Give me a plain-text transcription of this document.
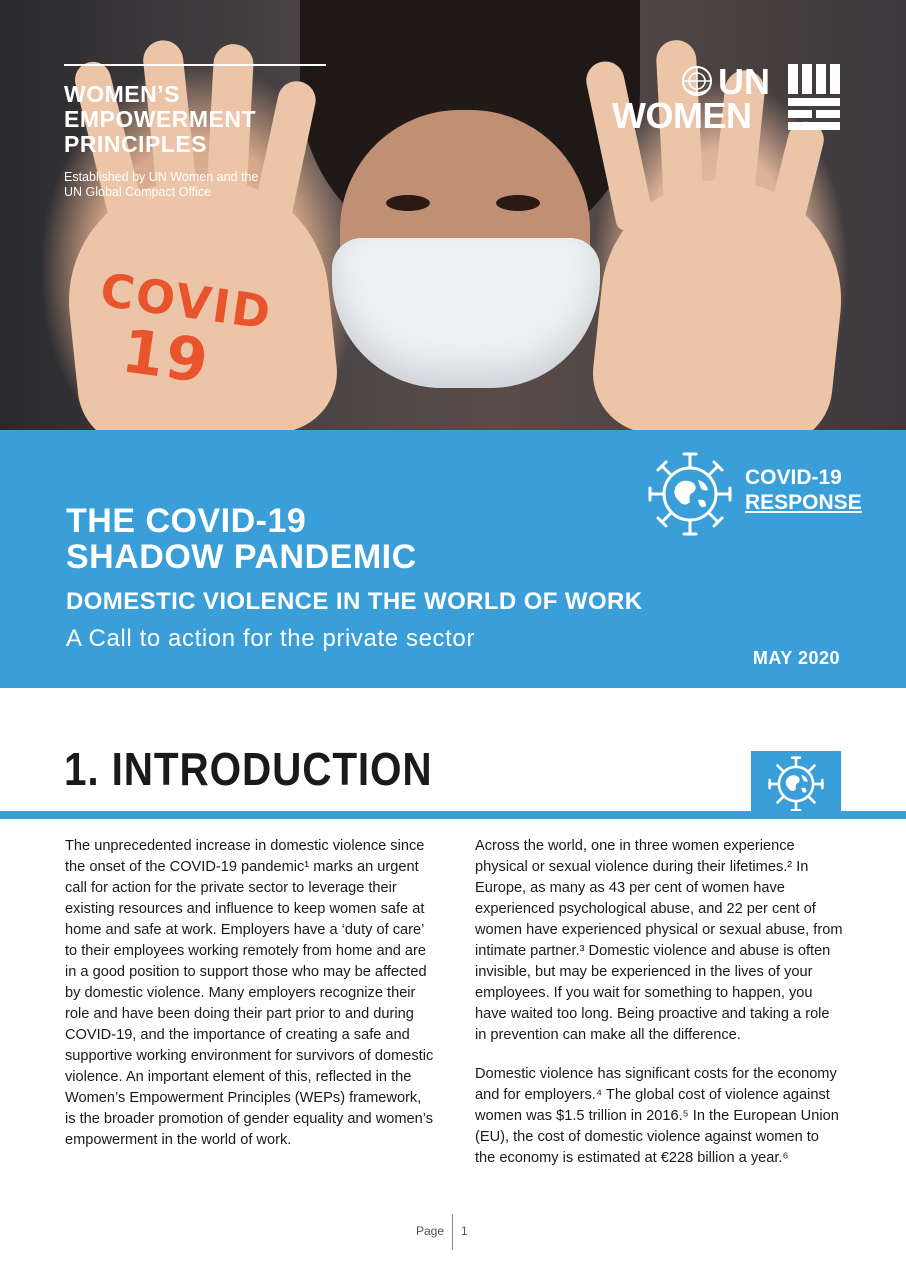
COVID
19
WOMEN’S
EMPOWERMENT
PRINCIPLES
Established by UN Women and the
UN Global Compact Office
UN
WOMEN
COVID-19
RESPONSE
THE COVID-19
SHADOW PANDEMIC
DOMESTIC VIOLENCE IN THE WORLD OF WORK
A Call to action for the private sector
MAY 2020
1. INTRODUCTION

The unprecedented increase in domestic violence since the onset of the COVID-19 pandemic¹ marks an urgent call for action for the private sector to leverage their existing resources and influence to keep women safe at home and safe at work. Employers have a ‘duty of care’ to their employees working remotely from home and are in a good position to support those who may be affected by domestic violence. Many employers recognize their role and have been doing their part prior to and during COVID-19, and the importance of creating a safe and supportive working environment for survivors of domestic violence. An important element of this, reflected in the Women’s Empowerment Principles (WEPs) framework, is the broader promotion of gender equality and women’s empowerment in the world of work.

Across the world, one in three women experience physical or sexual violence during their lifetimes.² In Europe, as many as 43 per cent of women have experienced psychological abuse, and 22 per cent of women have experienced physical or sexual abuse, from intimate partner.³ Domestic violence and abuse is often invisible, but may be experienced in the lives of your employees. If you wait for something to happen, you have waited too long. Being proactive and taking a role in prevention can make all the difference.

Domestic violence has significant costs for the economy and for employers.⁴ The global cost of violence against women was $1.5 trillion in 2016.⁵ In the European Union (EU), the cost of domestic violence against women to the economy is estimated at €228 billion a year.⁶

Page 1
